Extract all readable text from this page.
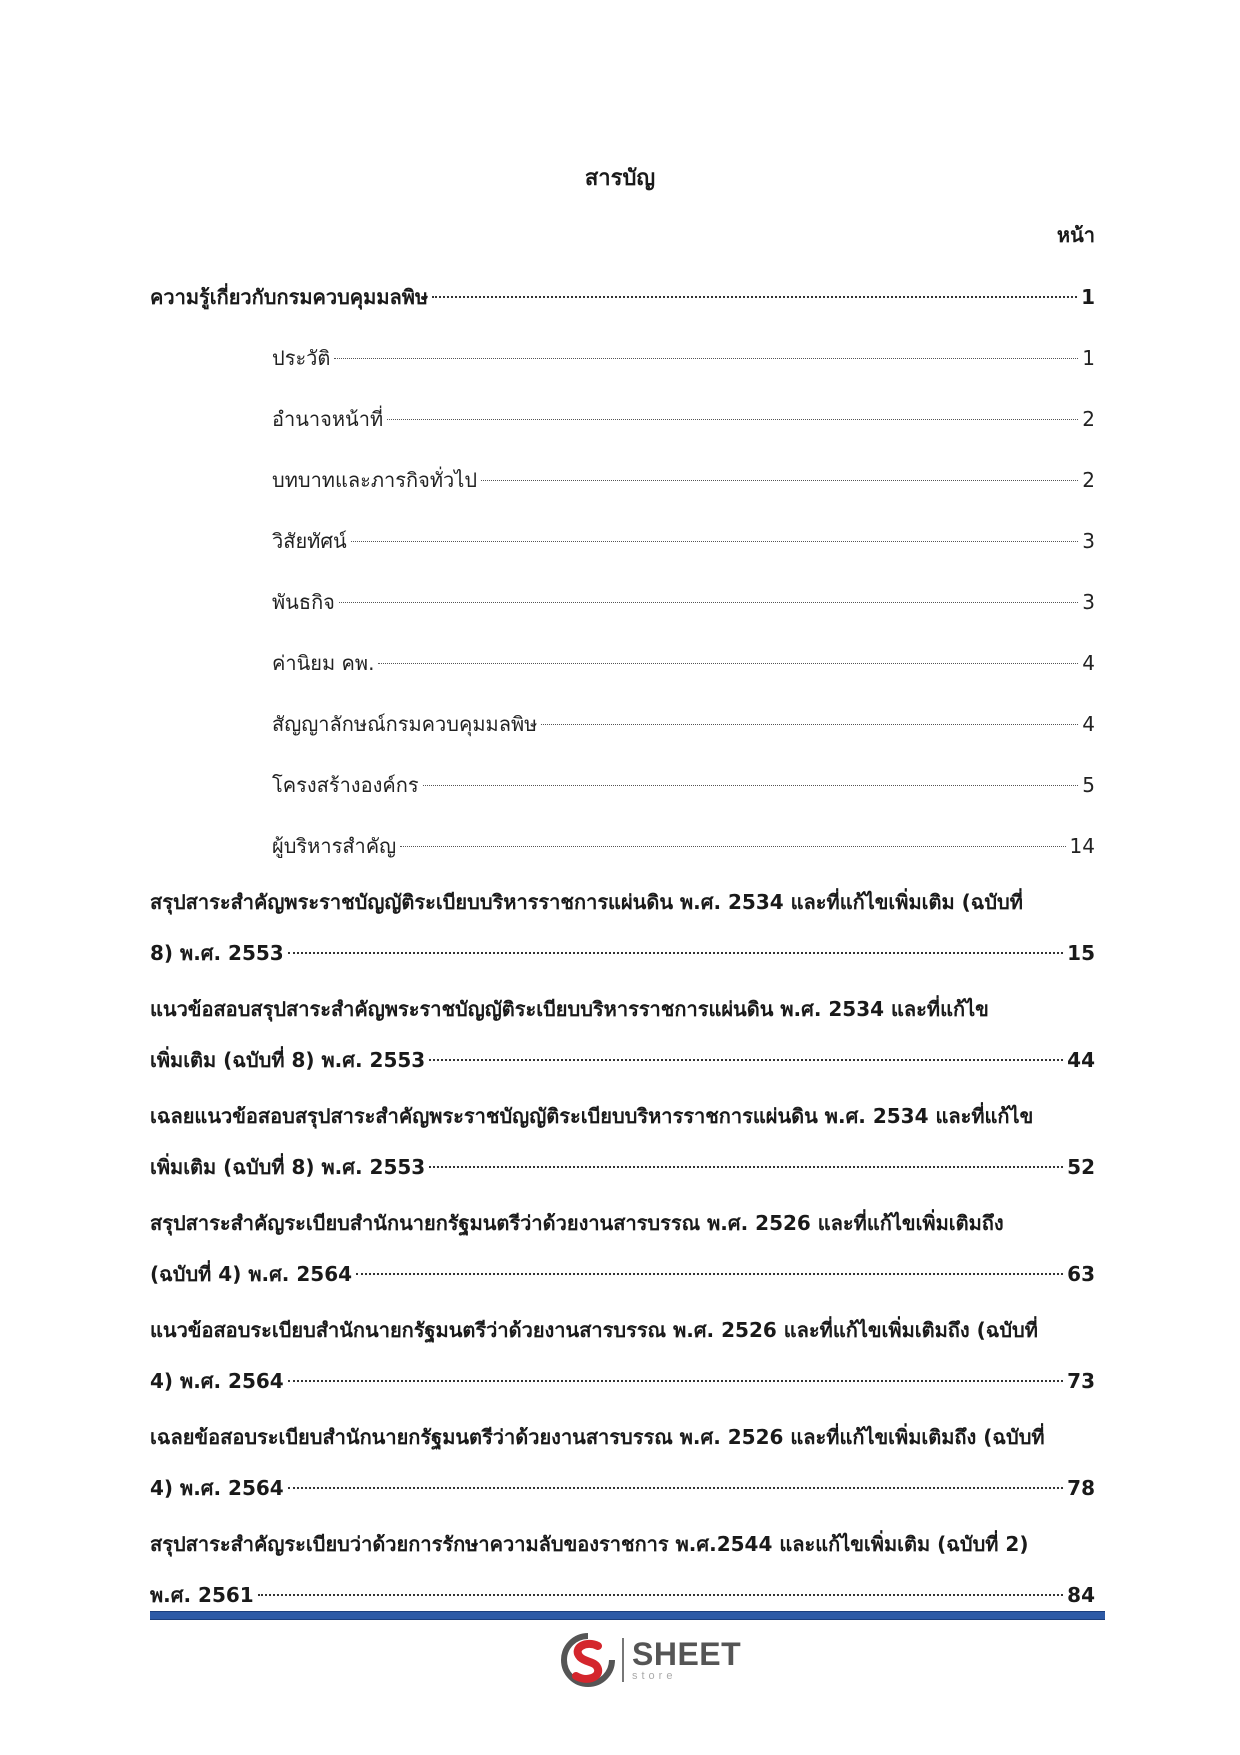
สารบัญ
หน้า
ความรู้เกี่ยวกับกรมควบคุมมลพิษ	1
ประวัติ	1
อำนาจหน้าที่	2
บทบาทและภารกิจทั่วไป	2
วิสัยทัศน์	3
พันธกิจ	3
ค่านิยม คพ.	4
สัญญาลักษณ์กรมควบคุมมลพิษ	4
โครงสร้างองค์กร	5
ผู้บริหารสำคัญ	14
สรุปสาระสำคัญพระราชบัญญัติระเบียบบริหารราชการแผ่นดิน พ.ศ. 2534 และที่แก้ไขเพิ่มเติม (ฉบับที่
8) พ.ศ. 2553	15
แนวข้อสอบสรุปสาระสำคัญพระราชบัญญัติระเบียบบริหารราชการแผ่นดิน พ.ศ. 2534 และที่แก้ไข
เพิ่มเติม (ฉบับที่ 8) พ.ศ. 2553	44
เฉลยแนวข้อสอบสรุปสาระสำคัญพระราชบัญญัติระเบียบบริหารราชการแผ่นดิน พ.ศ. 2534 และที่แก้ไข
เพิ่มเติม (ฉบับที่ 8) พ.ศ. 2553	52
สรุปสาระสำคัญระเบียบสำนักนายกรัฐมนตรีว่าด้วยงานสารบรรณ พ.ศ. 2526 และที่แก้ไขเพิ่มเติมถึง
(ฉบับที่ 4) พ.ศ. 2564	63
แนวข้อสอบระเบียบสำนักนายกรัฐมนตรีว่าด้วยงานสารบรรณ พ.ศ. 2526 และที่แก้ไขเพิ่มเติมถึง (ฉบับที่
4) พ.ศ. 2564	73
เฉลยข้อสอบระเบียบสำนักนายกรัฐมนตรีว่าด้วยงานสารบรรณ พ.ศ. 2526 และที่แก้ไขเพิ่มเติมถึง (ฉบับที่
4) พ.ศ. 2564	78
สรุปสาระสำคัญระเบียบว่าด้วยการรักษาความลับของราชการ พ.ศ.2544 และแก้ไขเพิ่มเติม (ฉบับที่ 2)
พ.ศ. 2561	84
SHEET
store
